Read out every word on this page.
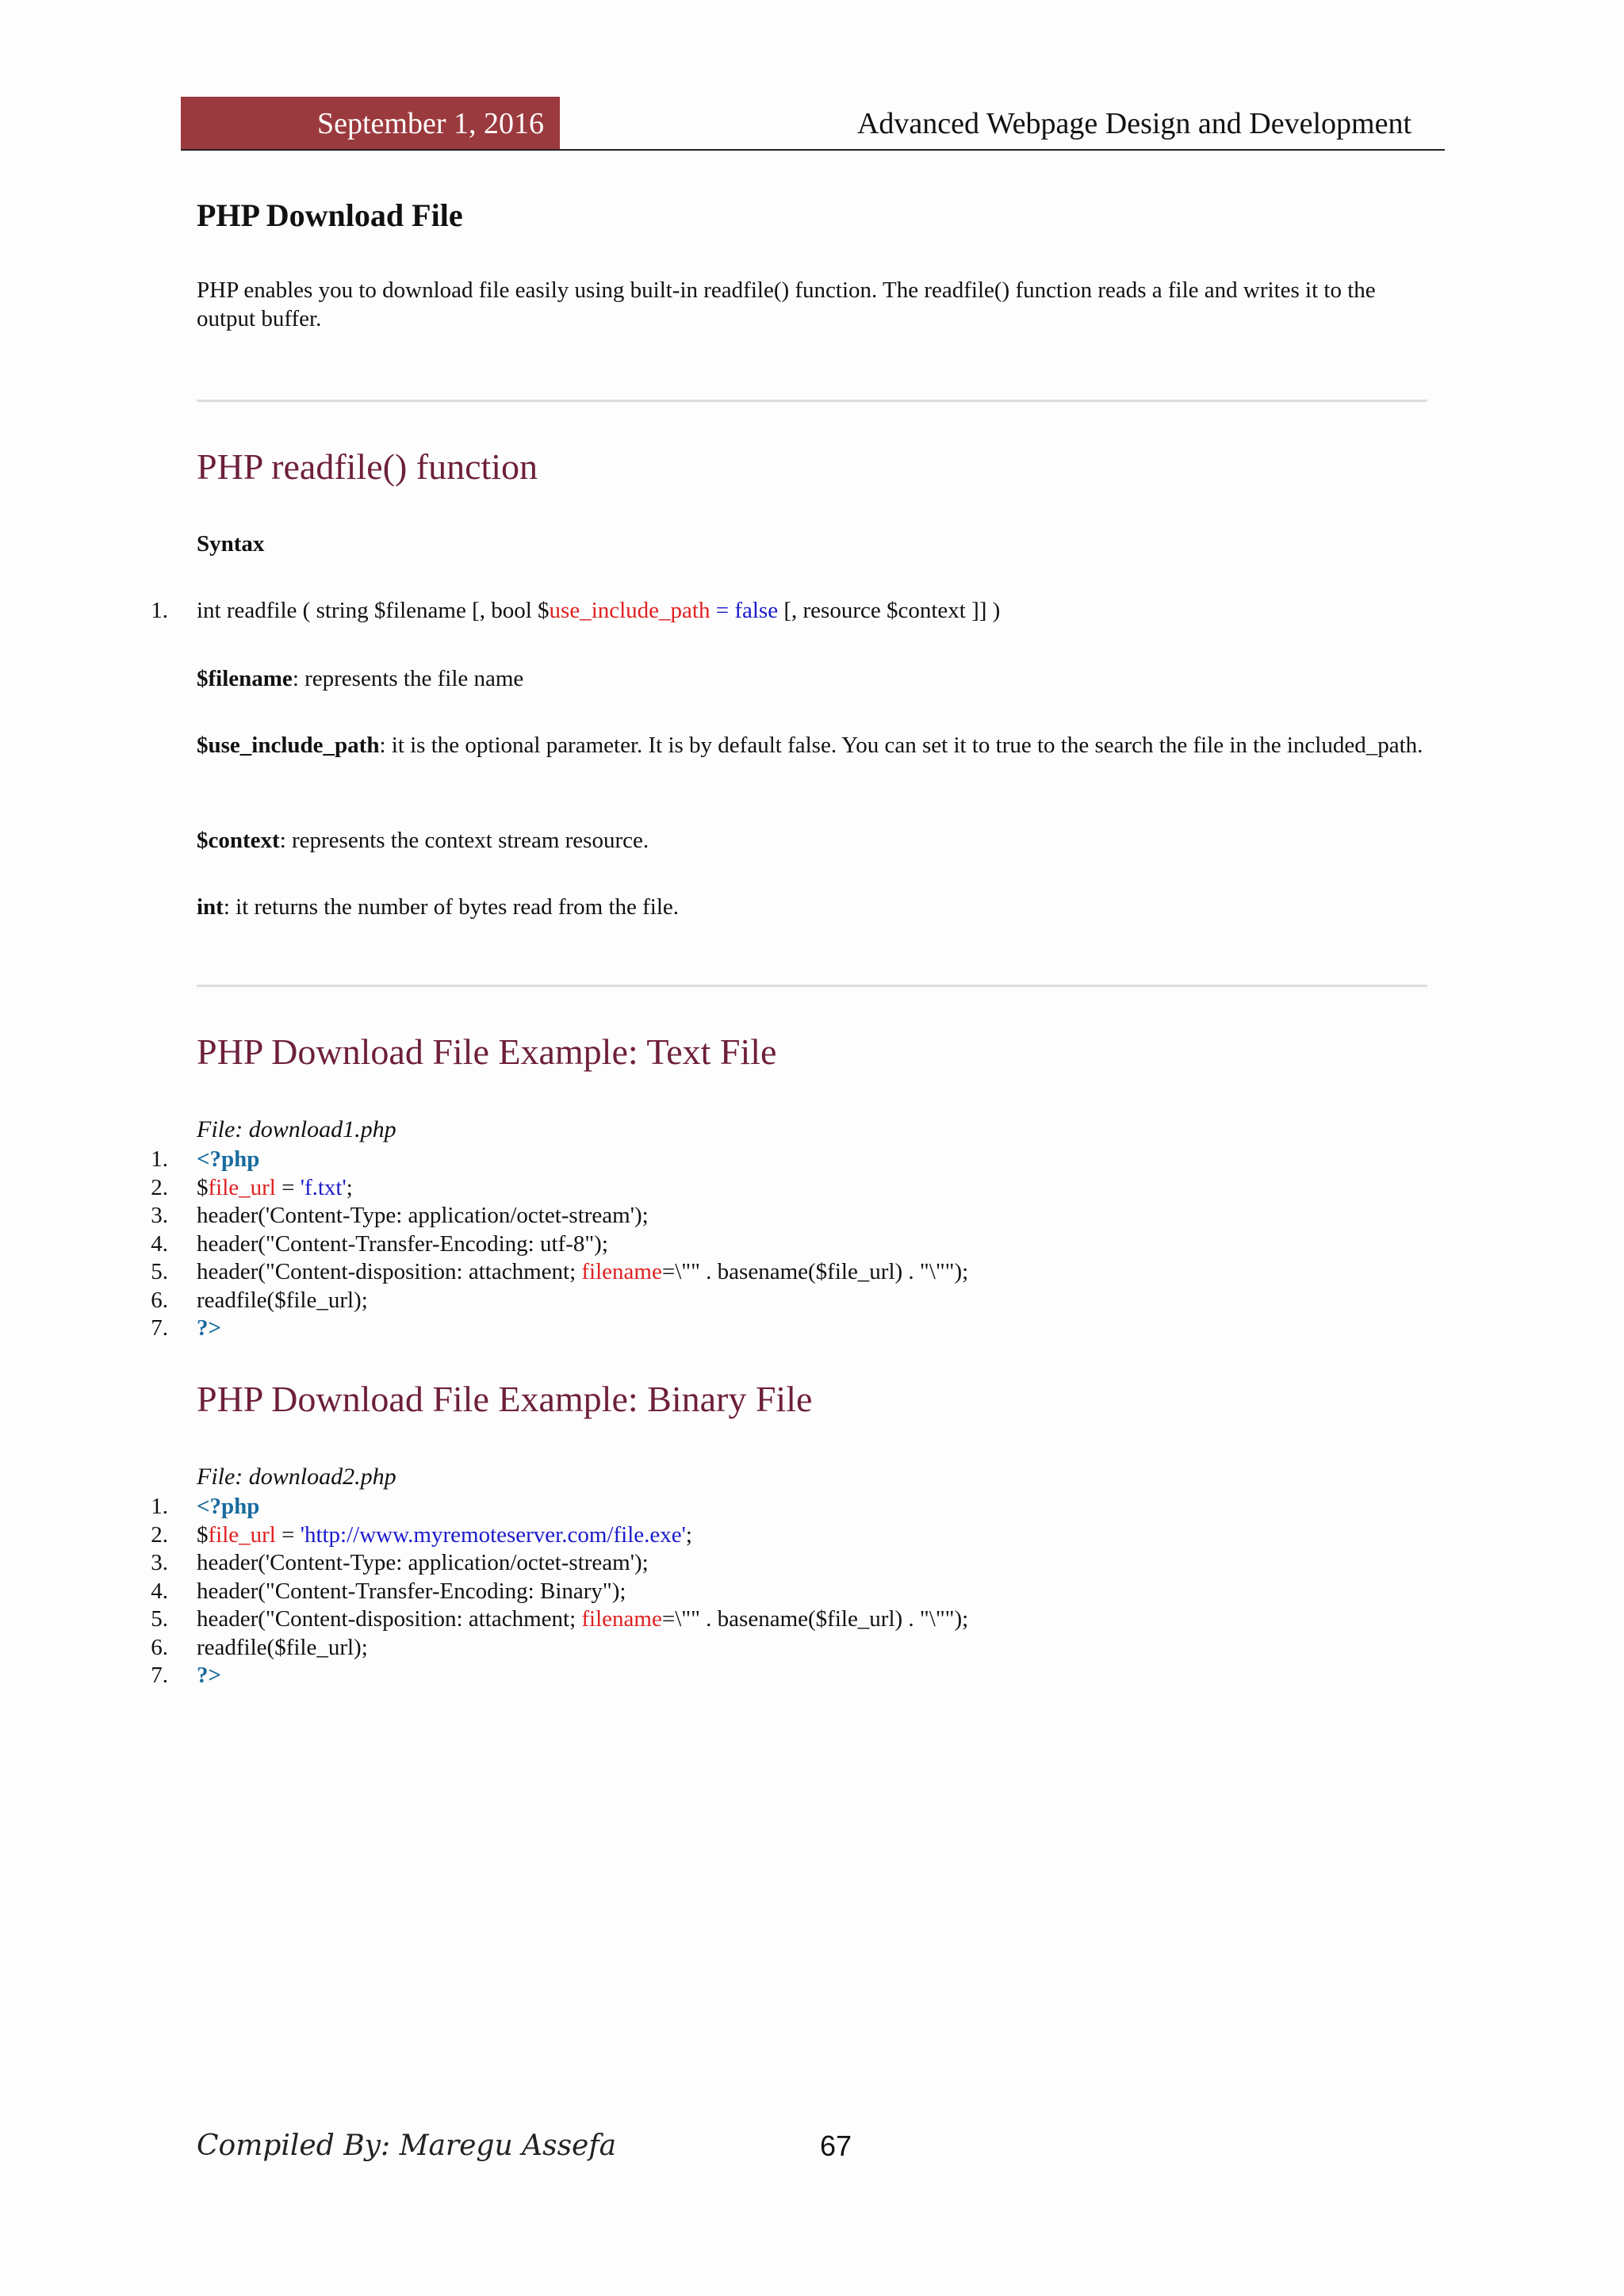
September 1, 2016	Advanced Webpage Design and Development
PHP Download File
PHP enables you to download file easily using built-in readfile() function. The readfile() function reads a file and writes it to the output buffer.
PHP readfile() function
Syntax
1. int readfile ( string $filename [, bool $use_include_path = false [, resource $context ]] )
$filename: represents the file name
$use_include_path: it is the optional parameter. It is by default false. You can set it to true to the search the file in the included_path.
$context: represents the context stream resource.
int: it returns the number of bytes read from the file.
PHP Download File Example: Text File
File: download1.php
1. <?php
2. $file_url = 'f.txt';
3. header('Content-Type: application/octet-stream');
4. header("Content-Transfer-Encoding: utf-8");
5. header("Content-disposition: attachment; filename=\"" . basename($file_url) . "\"");
6. readfile($file_url);
7. ?>
PHP Download File Example: Binary File
File: download2.php
1. <?php
2. $file_url = 'http://www.myremoteserver.com/file.exe';
3. header('Content-Type: application/octet-stream');
4. header("Content-Transfer-Encoding: Binary");
5. header("Content-disposition: attachment; filename=\"" . basename($file_url) . "\"");
6. readfile($file_url);
7. ?>
Compiled By: Maregu Assefa	67
